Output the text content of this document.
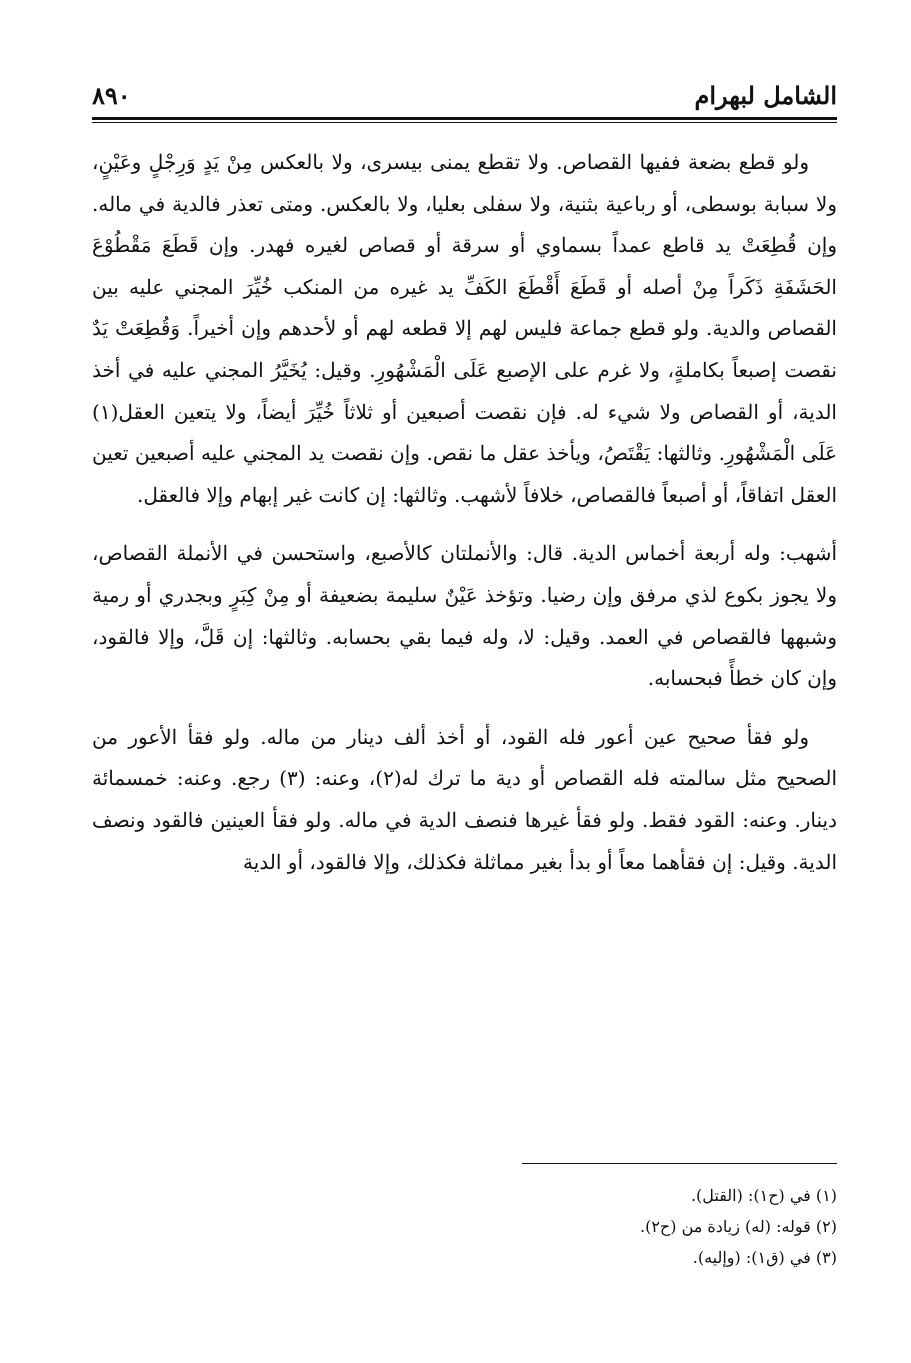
الشامل لبهرام
٨٩٠

ولو قطع بضعة ففيها القصاص. ولا تقطع يمنى بيسرى، ولا بالعكس مِنْ يَدٍ وَرِجْلٍ وعَيْنٍ، ولا سبابة بوسطى، أو رباعية بثنية، ولا سفلى بعليا، ولا بالعكس. ومتى تعذر فالدية في ماله. وإن قُطِعَتْ يد قاطع عمداً بسماوي أو سرقة أو قصاص لغيره فهدر. وإن قَطَعَ مَقْطُوْعَ الحَشَفَةِ ذَكَراً مِنْ أصله أو قَطَعَ أَقْطَعَ الكَفِّ يد غيره من المنكب خُيِّرَ المجني عليه بين القصاص والدية. ولو قطع جماعة فليس لهم إلا قطعه لهم أو لأحدهم وإن أخيراً. وَقُطِعَتْ يَدٌ نقصت إصبعاً بكاملةٍ، ولا غرم على الإصبع عَلَى الْمَشْهُورِ. وقيل: يُخَيَّرُ المجني عليه في أخذ الدية، أو القصاص ولا شيء له. فإن نقصت أصبعين أو ثلاثاً خُيِّرَ أيضاً، ولا يتعين العقل(١) عَلَى الْمَشْهُورِ. وثالثها: يَقْتَصُ، ويأخذ عقل ما نقص. وإن نقصت يد المجني عليه أصبعين تعين العقل اتفاقاً، أو أصبعاً فالقصاص، خلافاً لأشهب. وثالثها: إن كانت غير إبهام وإلا فالعقل.

أشهب: وله أربعة أخماس الدية. قال: والأنملتان كالأصبع، واستحسن في الأنملة القصاص، ولا يجوز بكوع لذي مرفق وإن رضيا. وتؤخذ عَيْنٌ سليمة بضعيفة أو مِنْ كِبَرٍ وبجدري أو رمية وشبهها فالقصاص في العمد. وقيل: لا، وله فيما بقي بحسابه. وثالثها: إن قَلَّ، وإلا فالقود، وإن كان خطأً فبحسابه.

ولو فقأ صحيح عين أعور فله القود، أو أخذ ألف دينار من ماله. ولو فقأ الأعور من الصحيح مثل سالمته فله القصاص أو دية ما ترك له(٢)، وعنه: (٣) رجع. وعنه: خمسمائة دينار. وعنه: القود فقط. ولو فقأ غيرها فنصف الدية في ماله. ولو فقأ العينين فالقود ونصف الدية. وقيل: إن فقأهما معاً أو بدأ بغير مماثلة فكذلك، وإلا فالقود، أو الدية

(١) في (ح١): (القتل).
(٢) قوله: (له) زيادة من (ح٢).
(٣) في (ق١): (وإليه).
